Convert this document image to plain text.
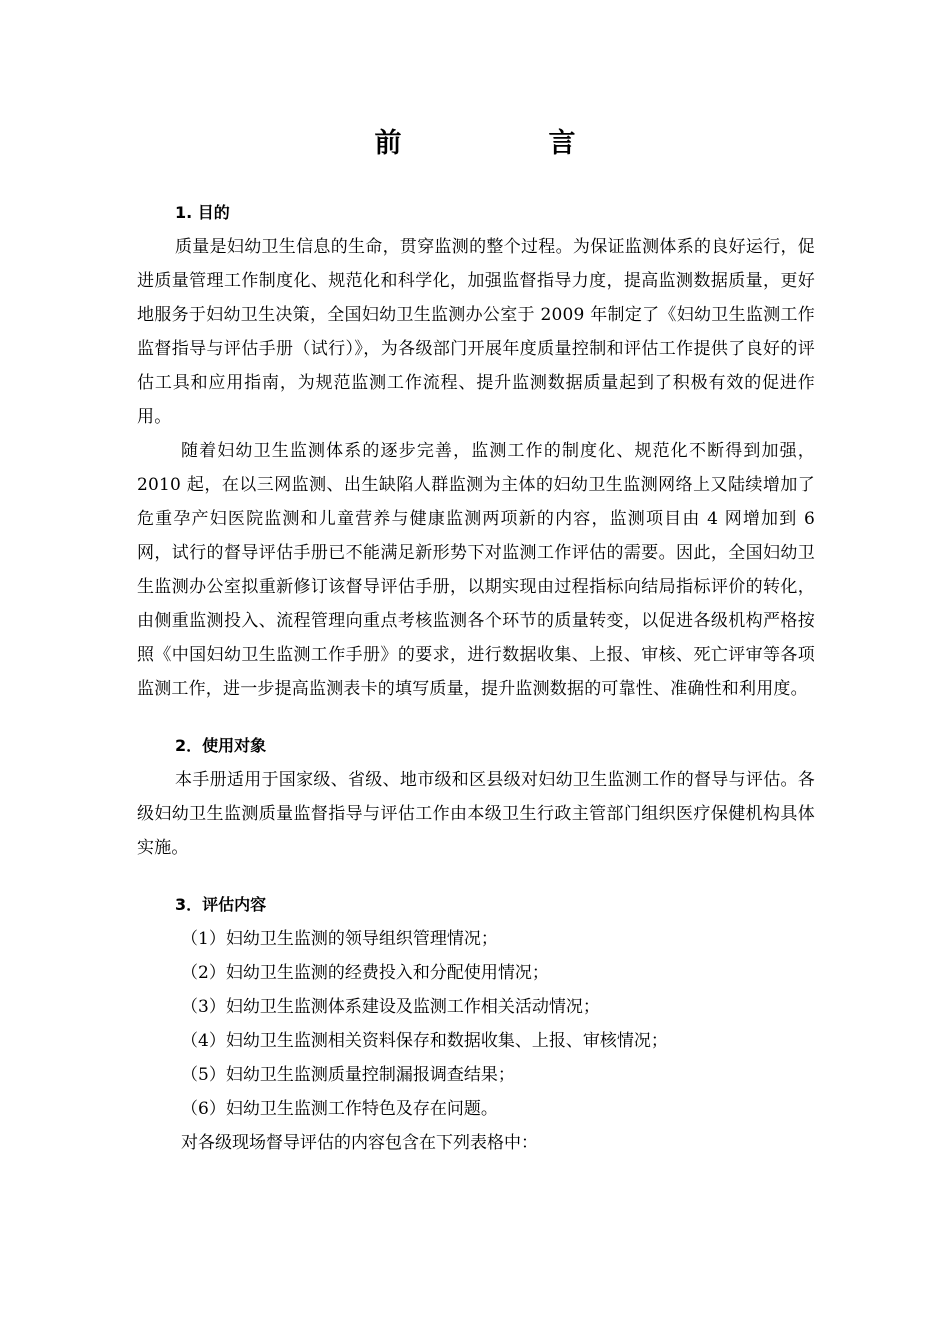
前　言
1. 目的
质量是妇幼卫生信息的生命，贯穿监测的整个过程。为保证监测体系的良好运行，促进质量管理工作制度化、规范化和科学化，加强监督指导力度，提高监测数据质量，更好地服务于妇幼卫生决策，全国妇幼卫生监测办公室于 2009 年制定了《妇幼卫生监测工作监督指导与评估手册（试行）》，为各级部门开展年度质量控制和评估工作提供了良好的评估工具和应用指南，为规范监测工作流程、提升监测数据质量起到了积极有效的促进作用。
随着妇幼卫生监测体系的逐步完善，监测工作的制度化、规范化不断得到加强，2010 起，在以三网监测、出生缺陷人群监测为主体的妇幼卫生监测网络上又陆续增加了危重孕产妇医院监测和儿童营养与健康监测两项新的内容，监测项目由 4 网增加到 6 网，试行的督导评估手册已不能满足新形势下对监测工作评估的需要。因此，全国妇幼卫生监测办公室拟重新修订该督导评估手册，以期实现由过程指标向结局指标评价的转化，由侧重监测投入、流程管理向重点考核监测各个环节的质量转变，以促进各级机构严格按照《中国妇幼卫生监测工作手册》的要求，进行数据收集、上报、审核、死亡评审等各项监测工作，进一步提高监测表卡的填写质量，提升监测数据的可靠性、准确性和利用度。
2．使用对象
本手册适用于国家级、省级、地市级和区县级对妇幼卫生监测工作的督导与评估。各级妇幼卫生监测质量监督指导与评估工作由本级卫生行政主管部门组织医疗保健机构具体实施。
3．评估内容
（1）妇幼卫生监测的领导组织管理情况；
（2）妇幼卫生监测的经费投入和分配使用情况；
（3）妇幼卫生监测体系建设及监测工作相关活动情况；
（4）妇幼卫生监测相关资料保存和数据收集、上报、审核情况；
（5）妇幼卫生监测质量控制漏报调查结果；
（6）妇幼卫生监测工作特色及存在问题。
对各级现场督导评估的内容包含在下列表格中：
